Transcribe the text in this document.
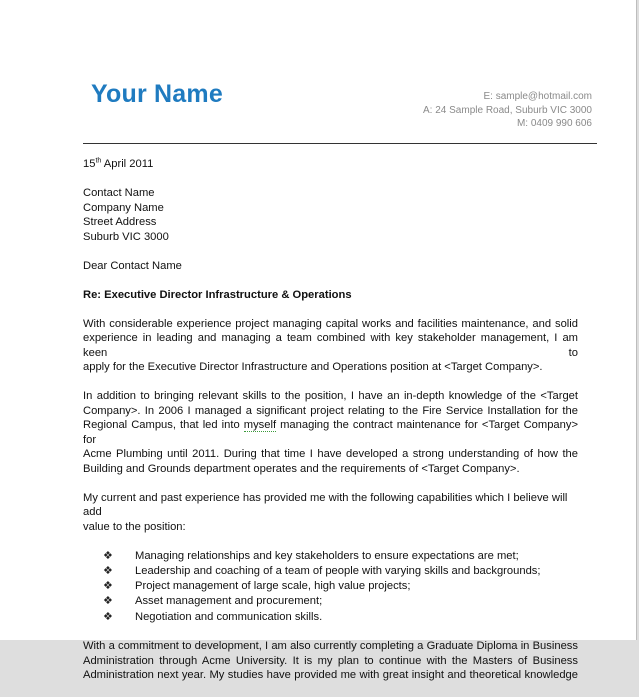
Your Name	E: sample@hotmail.com
A: 24 Sample Road, Suburb VIC 3000
M: 0409 990 606
15th April 2011
Contact Name
Company Name
Street Address
Suburb VIC 3000
Dear Contact Name
Re: Executive Director Infrastructure & Operations
With considerable experience project managing capital works and facilities maintenance, and solid
experience in leading and managing a team combined with key stakeholder management, I am keen to
apply for the Executive Director Infrastructure and Operations position at <Target Company>.
In addition to bringing relevant skills to the position, I have an in-depth knowledge of the <Target
Company>. In 2006 I managed a significant project relating to the Fire Service Installation for the
Regional Campus, that led into myself managing the contract maintenance for <Target Company> for
Acme Plumbing until 2011. During that time I have developed a strong understanding of how the
Building and Grounds department operates and the requirements of <Target Company>.
My current and past experience has provided me with the following capabilities which I believe will add
value to the position:
❖ Managing relationships and key stakeholders to ensure expectations are met;
❖ Leadership and coaching of a team of people with varying skills and backgrounds;
❖ Project management of large scale, high value projects;
❖ Asset management and procurement;
❖ Negotiation and communication skills.
With a commitment to development, I am also currently completing a Graduate Diploma in Business
Administration through Acme University. It is my plan to continue with the Masters of Business
Administration next year. My studies have provided me with great insight and theoretical knowledge
